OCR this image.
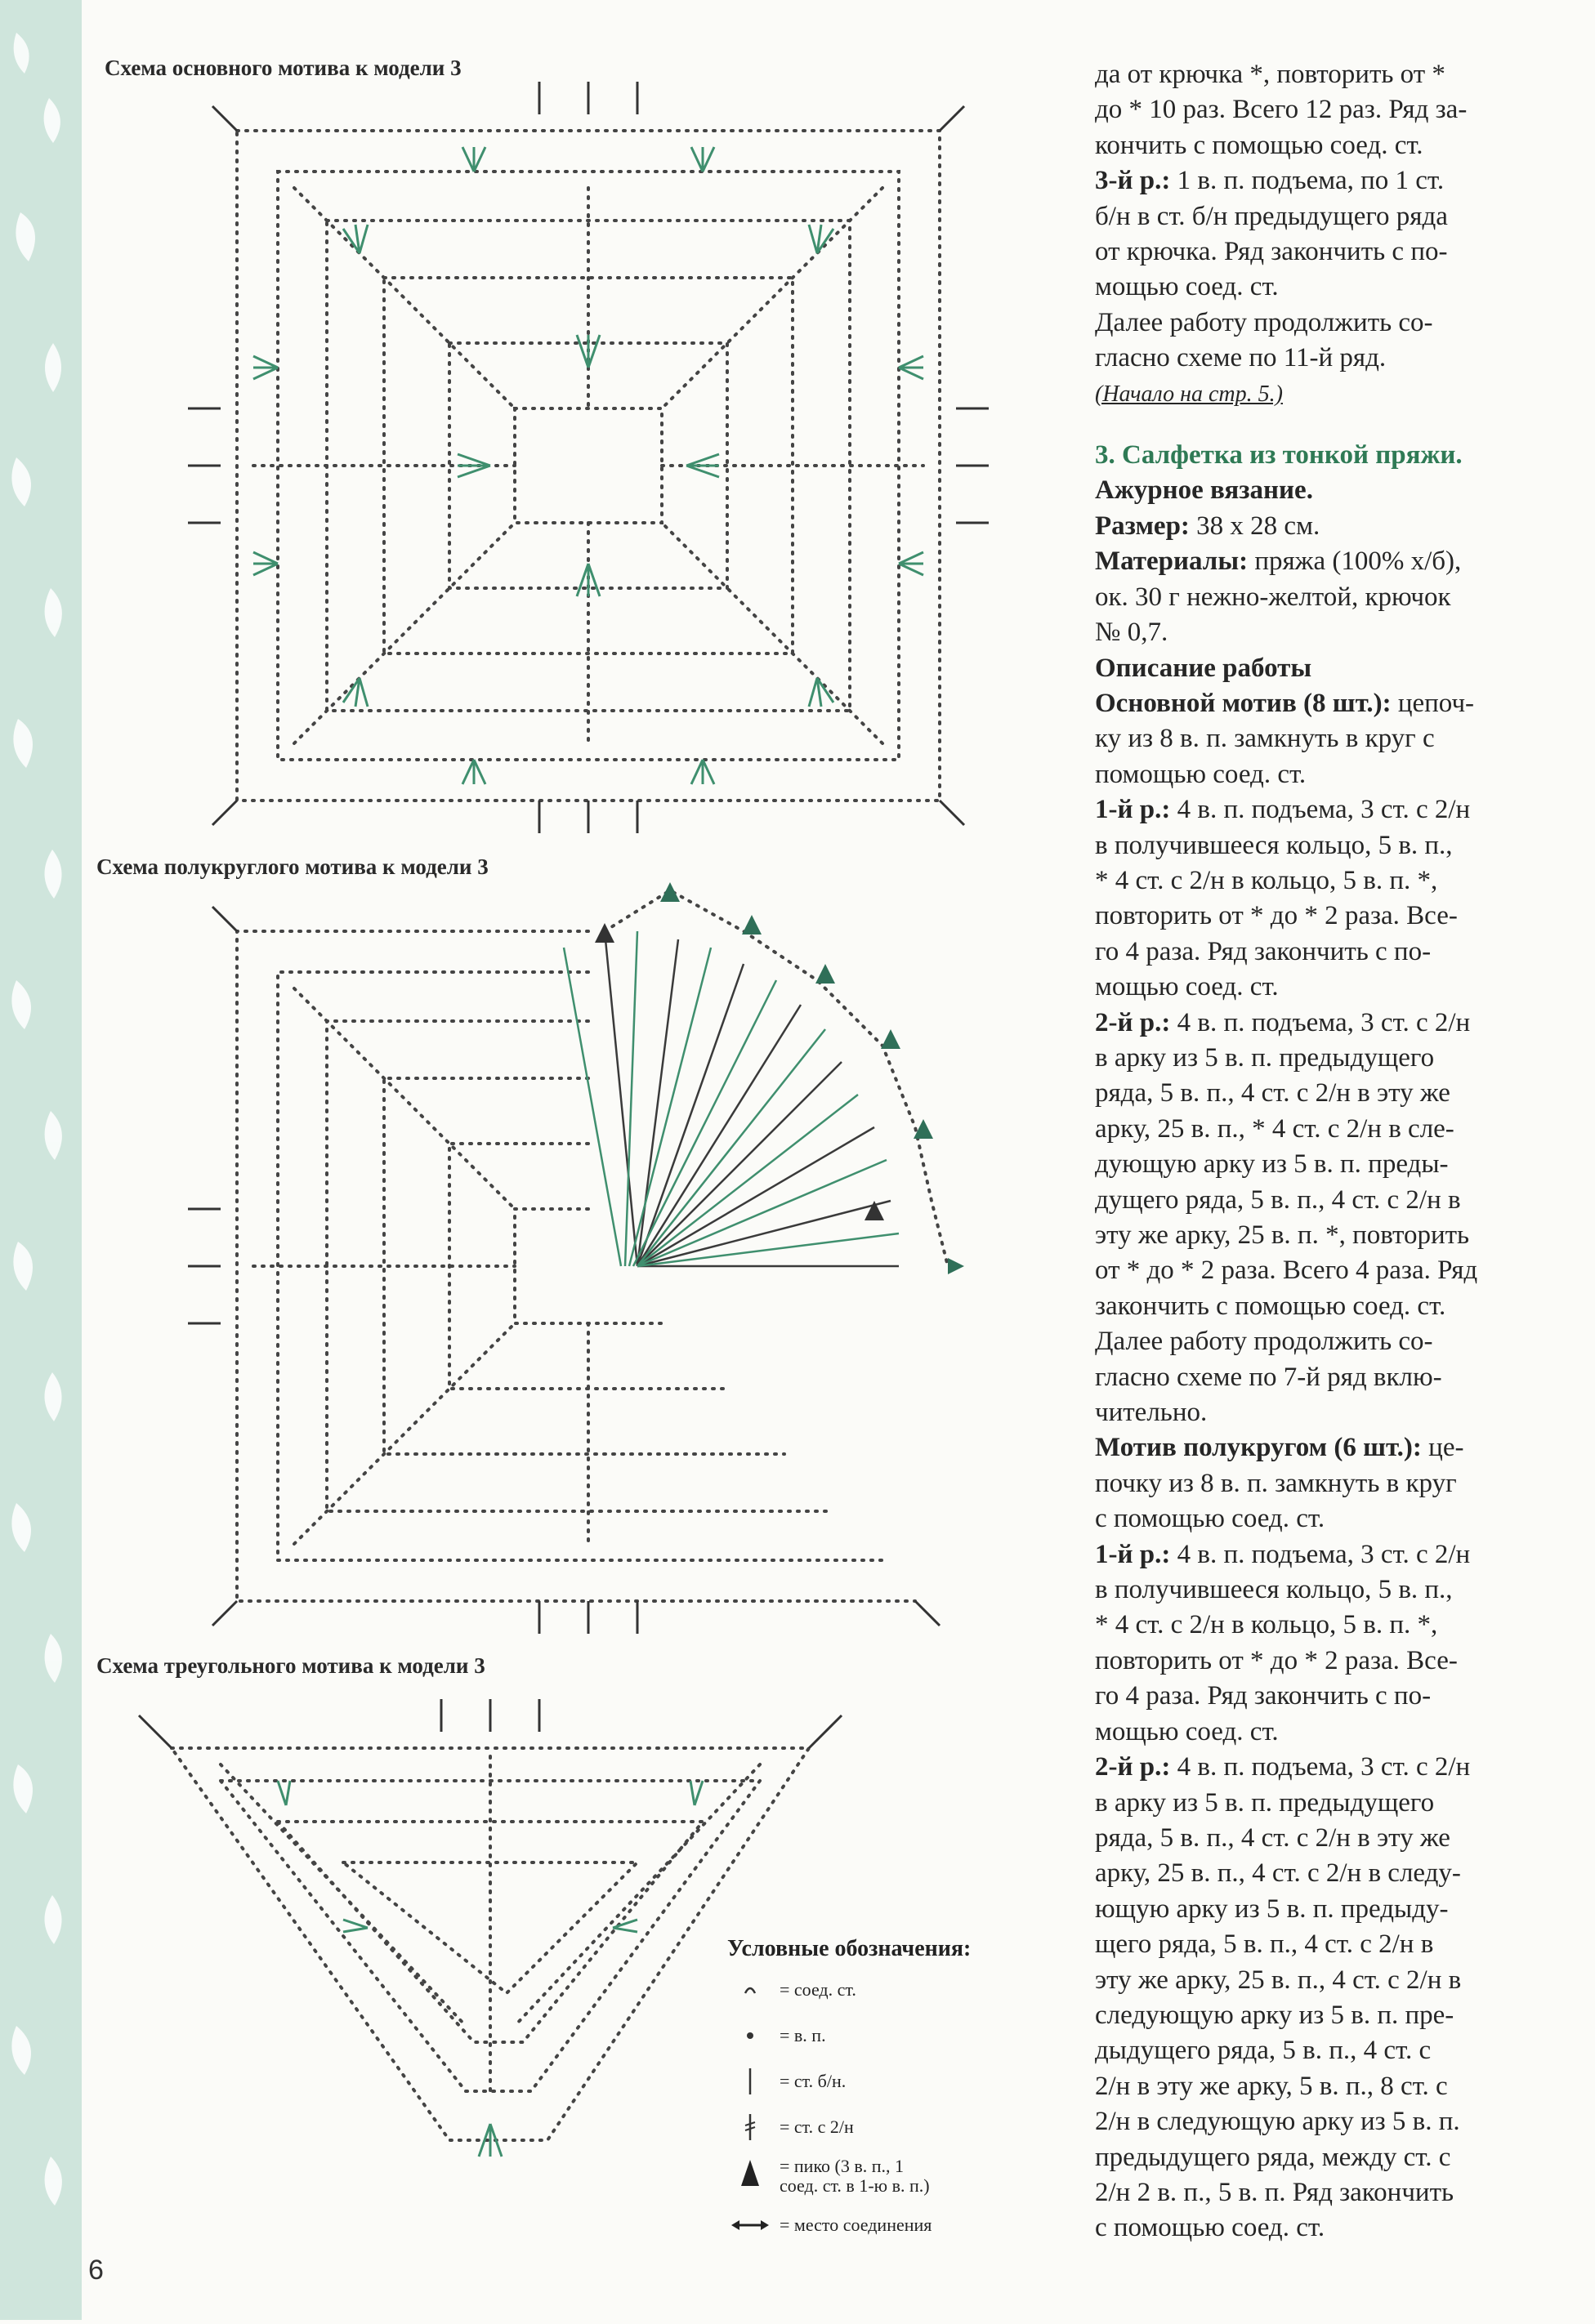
Схема основного мотива к модели 3
Схема полукруглого мотива к модели 3
Схема треугольного мотива к модели 3
Условные обозначения:
= соед. ст.
= в. п.
= ст. б/н.
= ст. с 2/н
= пико (3 в. п., 1
соед. ст. в 1-ю в. п.)
= место соединения
6

да от крючка *, повторить от *

до * 10 раз. Всего 12 раз. Ряд за-

кончить с помощью соед. ст.

3-й р.: 1 в. п. подъема, по 1 ст.

б/н в ст. б/н предыдущего ряда

от крючка. Ряд закончить с по-

мощью соед. ст.

Далее работу продолжить со-

гласно схеме по 11-й ряд.

(Начало на стр. 5.)

3. Салфетка из тонкой пряжи.

Ажурное вязание.

Размер: 38 х 28 см.

Материалы: пряжа (100% х/б),

ок. 30 г нежно-желтой, крючок

№ 0,7.

Описание работы

Основной мотив (8 шт.): цепоч-

ку из 8 в. п. замкнуть в круг с

помощью соед. ст.

1-й р.: 4 в. п. подъема, 3 ст. с 2/н

в получившееся кольцо, 5 в. п.,

* 4 ст. с 2/н в кольцо, 5 в. п. *,

повторить от * до * 2 раза. Все-

го 4 раза. Ряд закончить с по-

мощью соед. ст.

2-й р.: 4 в. п. подъема, 3 ст. с 2/н

в арку из 5 в. п. предыдущего

ряда, 5 в. п., 4 ст. с 2/н в эту же

арку, 25 в. п., * 4 ст. с 2/н в сле-

дующую арку из 5 в. п. преды-

дущего ряда, 5 в. п., 4 ст. с 2/н в

эту же арку, 25 в. п. *, повторить

от * до * 2 раза. Всего 4 раза. Ряд

закончить с помощью соед. ст.

Далее работу продолжить со-

гласно схеме по 7-й ряд вклю-

чительно.

Мотив полукругом (6 шт.): це-

почку из 8 в. п. замкнуть в круг

с помощью соед. ст.

1-й р.: 4 в. п. подъема, 3 ст. с 2/н

в получившееся кольцо, 5 в. п.,

* 4 ст. с 2/н в кольцо, 5 в. п. *,

повторить от * до * 2 раза. Все-

го 4 раза. Ряд закончить с по-

мощью соед. ст.

2-й р.: 4 в. п. подъема, 3 ст. с 2/н

в арку из 5 в. п. предыдущего

ряда, 5 в. п., 4 ст. с 2/н в эту же

арку, 25 в. п., 4 ст. с 2/н в следу-

ющую арку из 5 в. п. предыду-

щего ряда, 5 в. п., 4 ст. с 2/н в

эту же арку, 25 в. п., 4 ст. с 2/н в

следующую арку из 5 в. п. пре-

дыдущего ряда, 5 в. п., 4 ст. с

2/н в эту же арку, 5 в. п., 8 ст. с

2/н в следующую арку из 5 в. п.

предыдущего ряда, между ст. с

2/н 2 в. п., 5 в. п. Ряд закончить

с помощью соед. ст.
